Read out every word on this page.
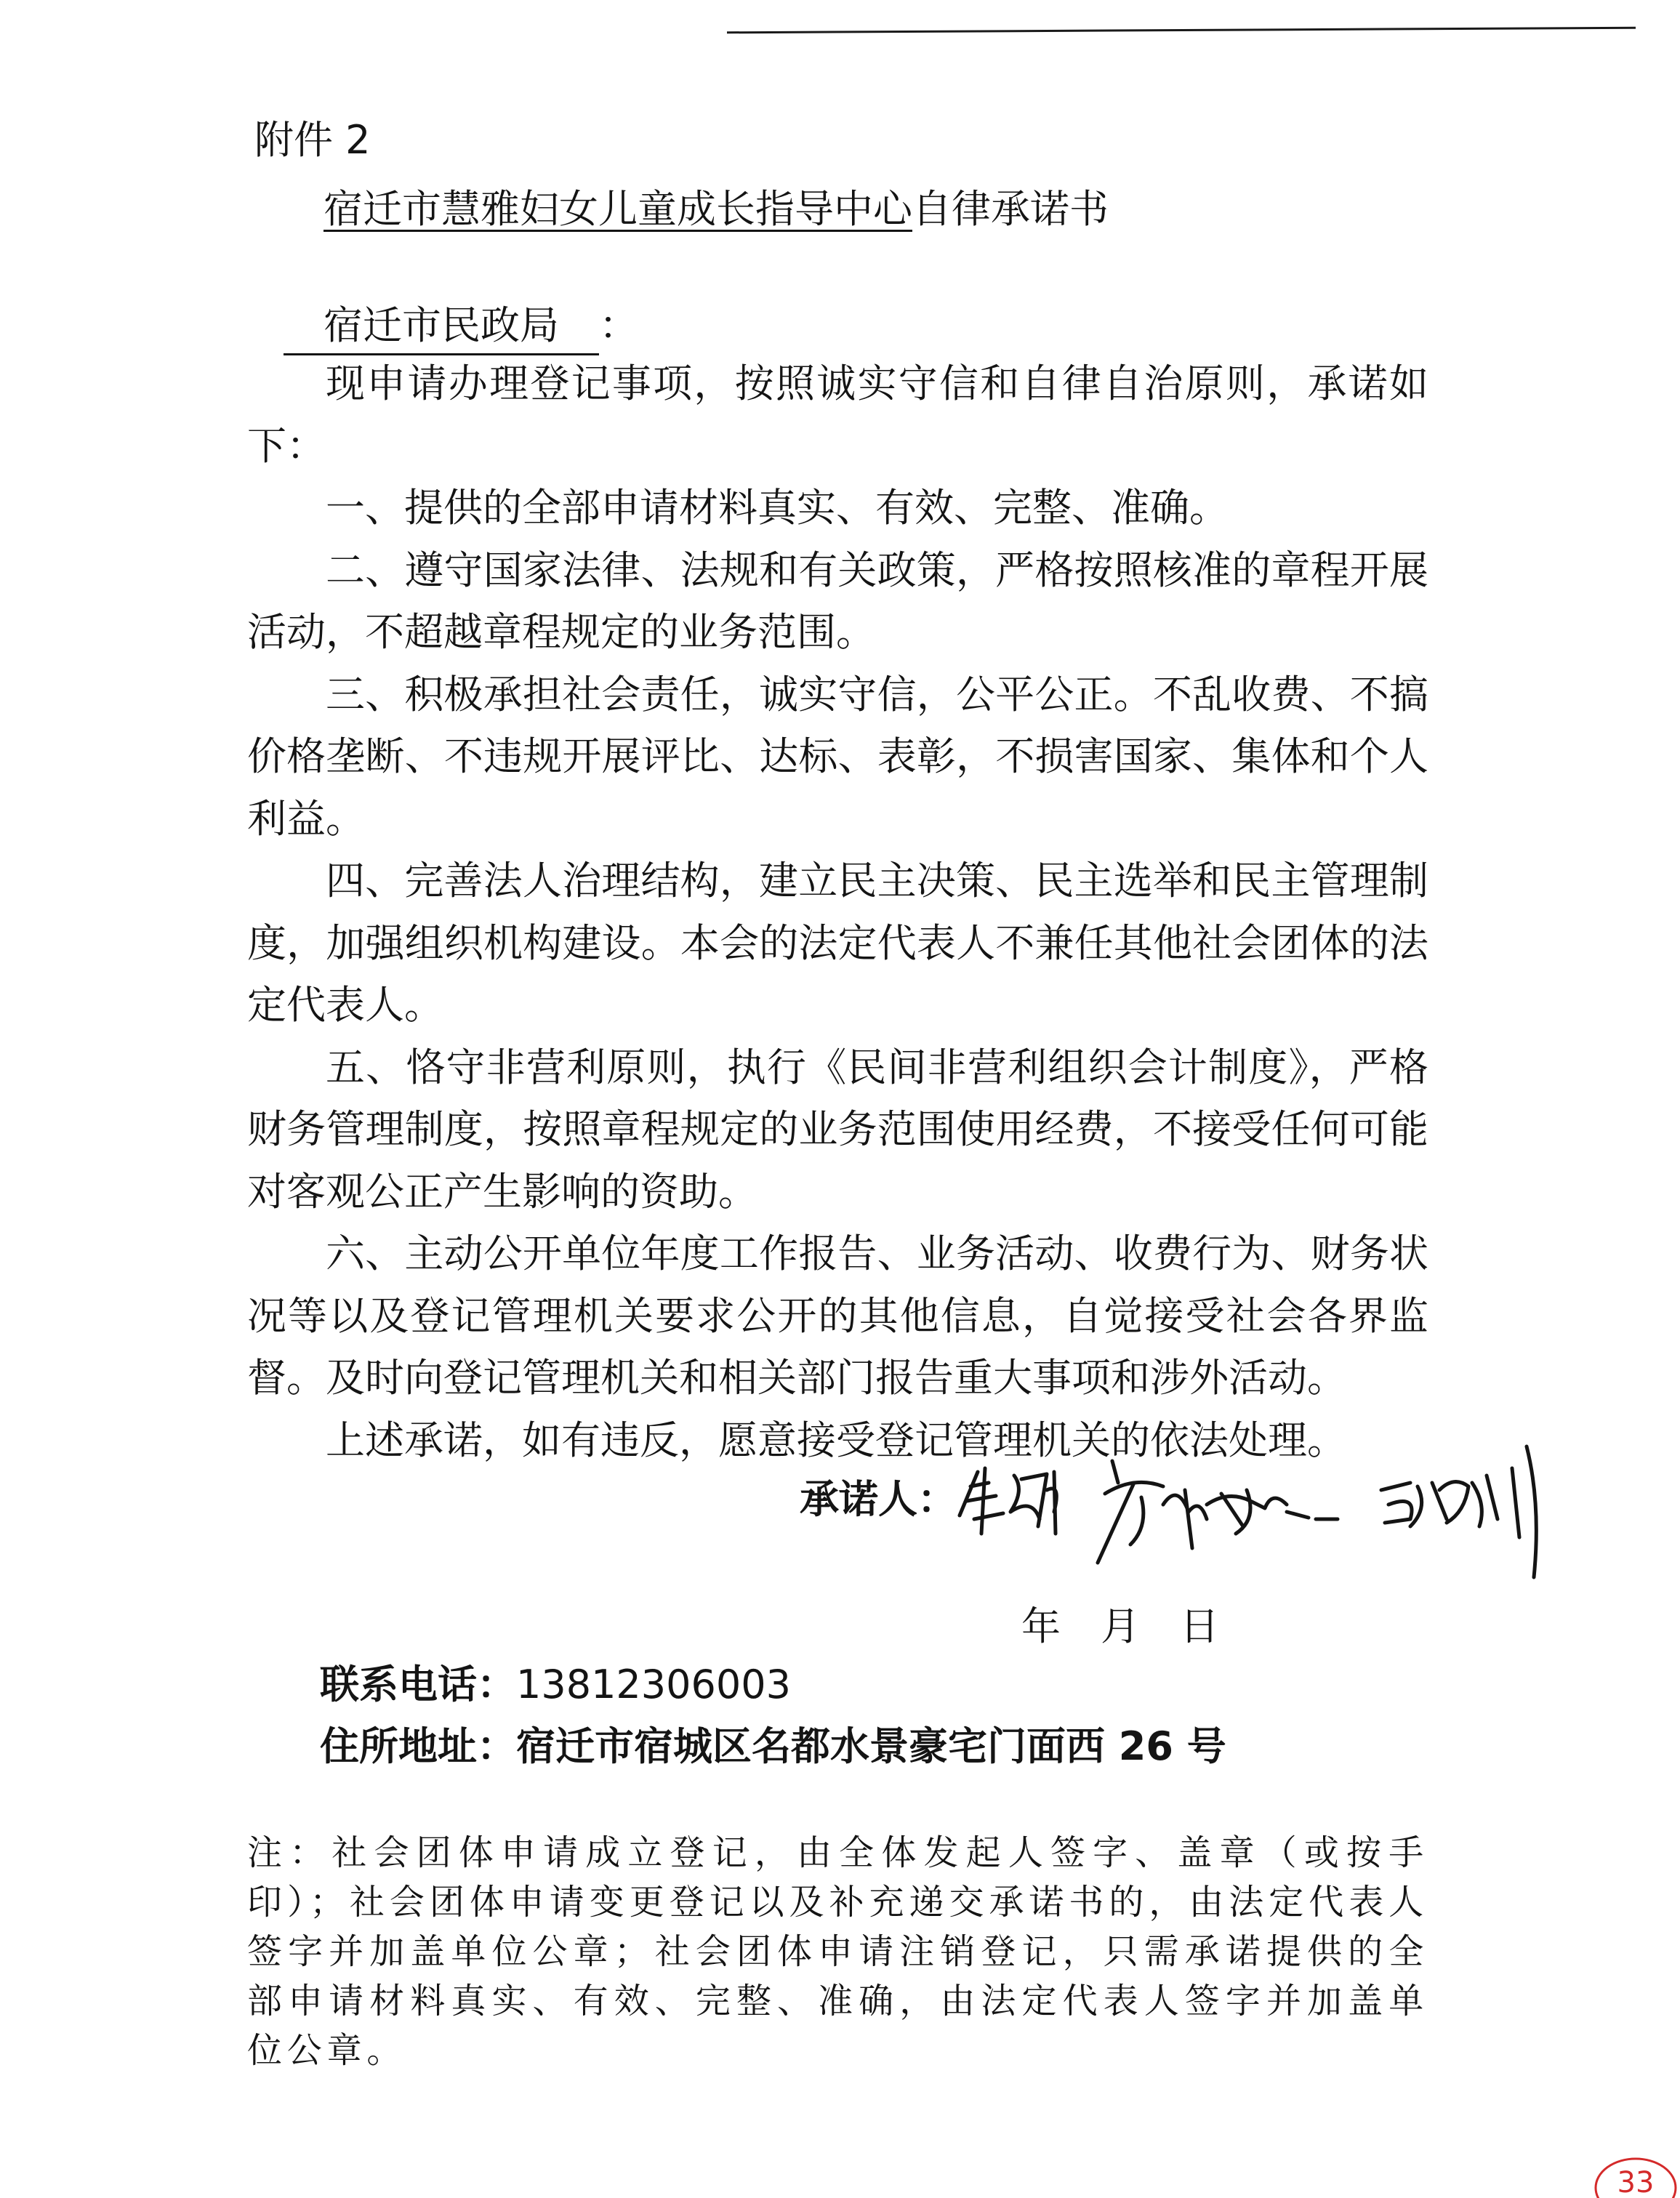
附件 2
宿迁市慧雅妇女儿童成长指导中心自律承诺书
宿迁市民政局 ：

现申请办理登记事项，按照诚实守信和自律自治原则，承诺如下：

一、提供的全部申请材料真实、有效、完整、准确。

二、遵守国家法律、法规和有关政策，严格按照核准的章程开展活动，不超越章程规定的业务范围。

三、积极承担社会责任，诚实守信，公平公正。不乱收费、不搞价格垄断、不违规开展评比、达标、表彰，不损害国家、集体和个人利益。

四、完善法人治理结构，建立民主决策、民主选举和民主管理制度，加强组织机构建设。本会的法定代表人不兼任其他社会团体的法定代表人。

五、恪守非营利原则，执行《民间非营利组织会计制度》，严格财务管理制度，按照章程规定的业务范围使用经费，不接受任何可能对客观公正产生影响的资助。

六、主动公开单位年度工作报告、业务活动、收费行为、财务状况等以及登记管理机关要求公开的其他信息，自觉接受社会各界监督。及时向登记管理机关和相关部门报告重大事项和涉外活动。

上述承诺，如有违反，愿意接受登记管理机关的依法处理。

承诺人：
年 月 日
联系电话：13812306003
住所地址：宿迁市宿城区名都水景豪宅门面西 26 号
注：社会团体申请成立登记，由全体发起人签字、盖章（或按手印）；社会团体申请变更登记以及补充递交承诺书的，由法定代表人签字并加盖单位公章；社会团体申请注销登记，只需承诺提供的全部申请材料真实、有效、完整、准确，由法定代表人签字并加盖单位公章。
33
